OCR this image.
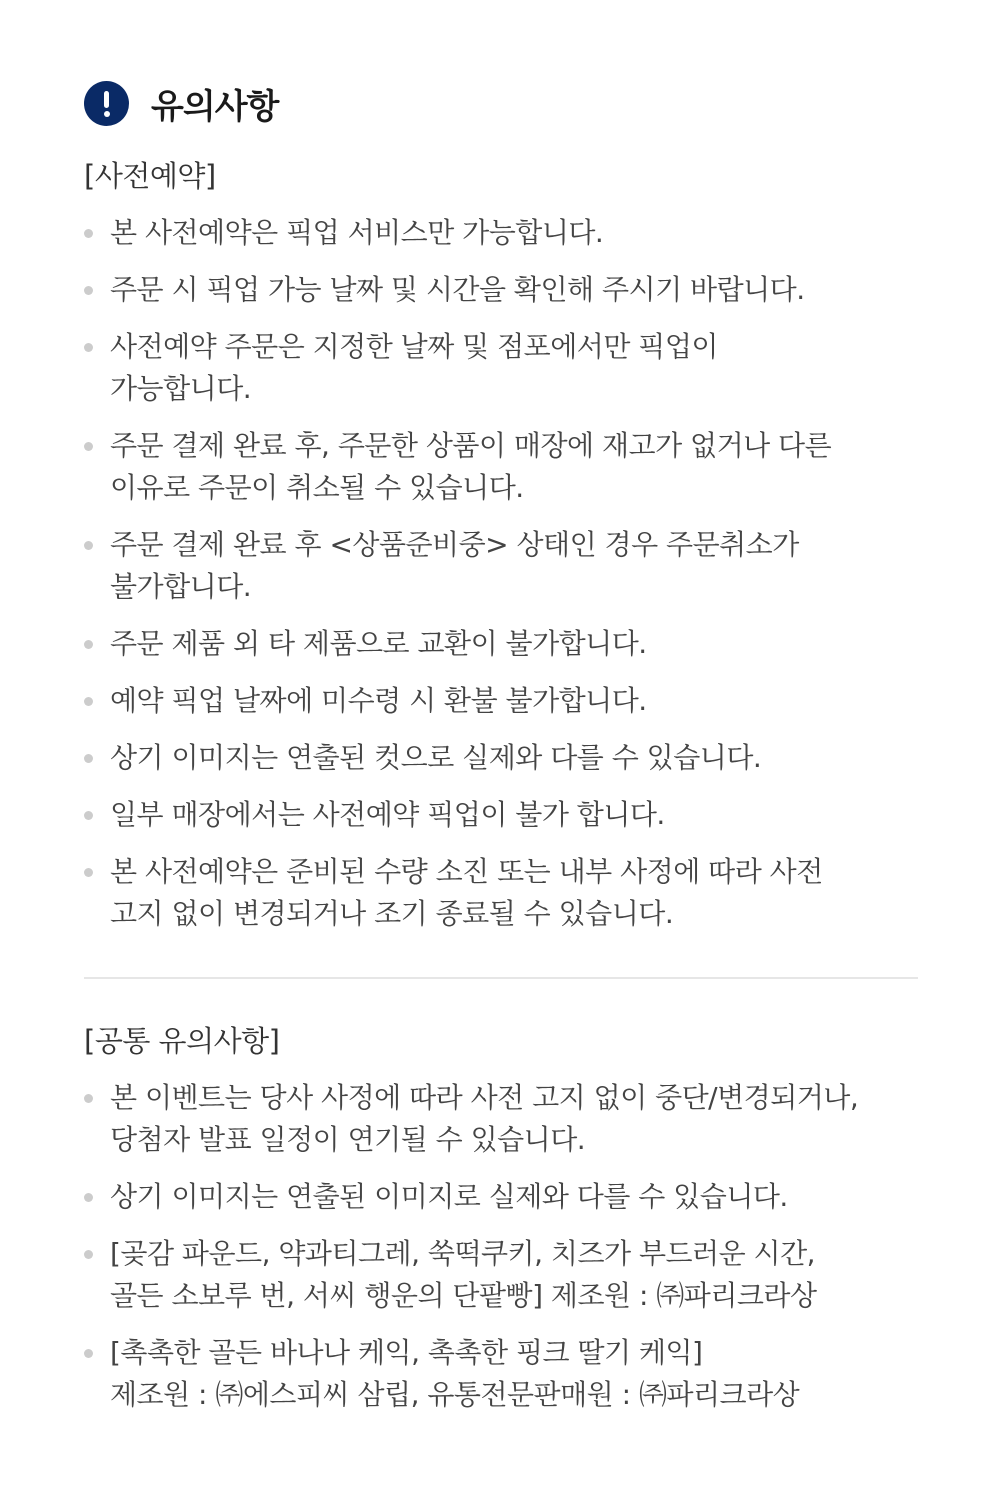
유의사항
[사전예약]
본 사전예약은 픽업 서비스만 가능합니다.
주문 시 픽업 가능 날짜 및 시간을 확인해 주시기 바랍니다.
사전예약 주문은 지정한 날짜 및 점포에서만 픽업이
가능합니다.
주문 결제 완료 후, 주문한 상품이 매장에 재고가 없거나 다른
이유로 주문이 취소될 수 있습니다.
주문 결제 완료 후 <상품준비중> 상태인 경우 주문취소가
불가합니다.
주문 제품 외 타 제품으로 교환이 불가합니다.
예약 픽업 날짜에 미수령 시 환불 불가합니다.
상기 이미지는 연출된 컷으로 실제와 다를 수 있습니다.
일부 매장에서는 사전예약 픽업이 불가 합니다.
본 사전예약은 준비된 수량 소진 또는 내부 사정에 따라 사전
고지 없이 변경되거나 조기 종료될 수 있습니다.
[공통 유의사항]
본 이벤트는 당사 사정에 따라 사전 고지 없이 중단/변경되거나,
당첨자 발표 일정이 연기될 수 있습니다.
상기 이미지는 연출된 이미지로 실제와 다를 수 있습니다.
[곶감 파운드, 약과티그레, 쑥떡쿠키, 치즈가 부드러운 시간,
골든 소보루 번, 서씨 행운의 단팥빵] 제조원 : ㈜파리크라상
[촉촉한 골든 바나나 케익, 촉촉한 핑크 딸기 케익]
제조원 : ㈜에스피씨 삼립, 유통전문판매원 : ㈜파리크라상
